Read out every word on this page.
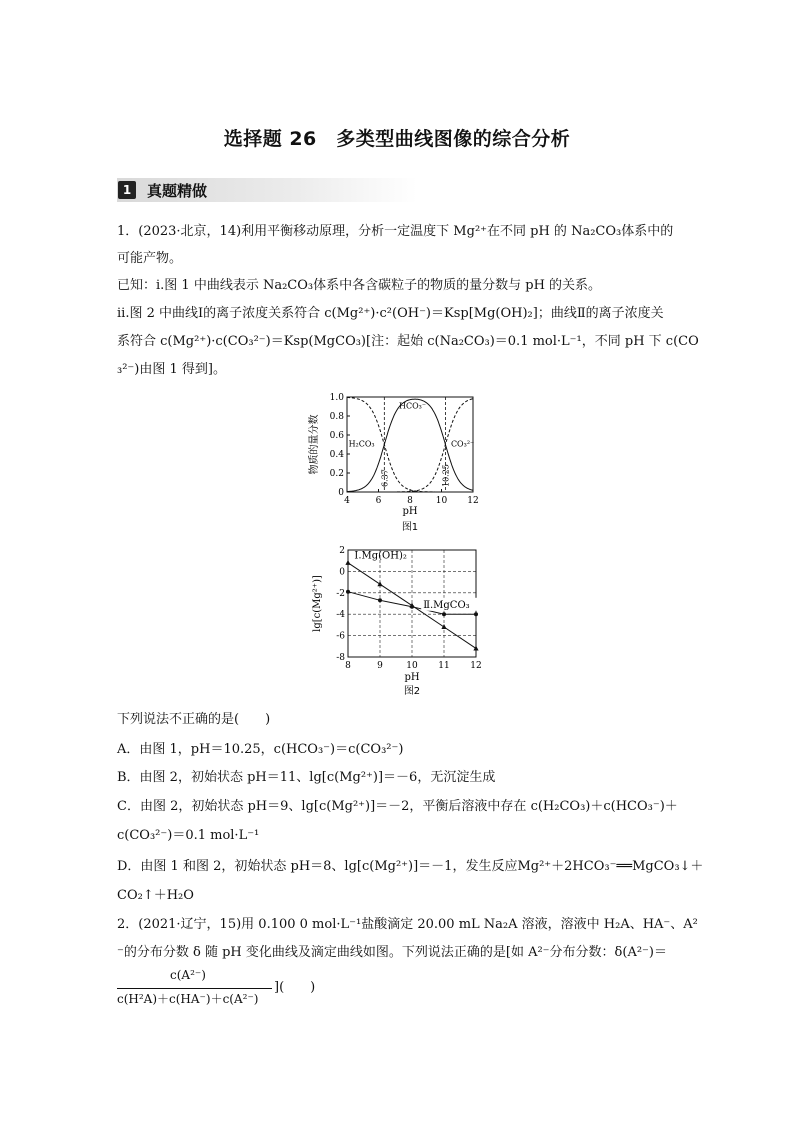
选择题 26　多类型曲线图像的综合分析
1	真题精做
1．(2023·北京，14)利用平衡移动原理，分析一定温度下 Mg²⁺在不同 pH 的 Na₂CO₃体系中的
可能产物。
已知：i.图 1 中曲线表示 Na₂CO₃体系中各含碳粒子的物质的量分数与 pH 的关系。
ii.图 2 中曲线Ⅰ的离子浓度关系符合 c(Mg²⁺)·c²(OH⁻)＝Ksp[Mg(OH)₂]；曲线Ⅱ的离子浓度关
系符合 c(Mg²⁺)·c(CO₃²⁻)＝Ksp(MgCO₃)[注：起始 c(Na₂CO₃)＝0.1 mol·L⁻¹，不同 pH 下 c(CO
₃²⁻)由图 1 得到]。
4	6	8	10 12
0
0.2
0.4
0.6
0.8
1.0
pH
物质的量分数
图1
6.37	10.25
H₂CO₃
HCO₃⁻
CO₃²⁻
8	9	10 11 12
2
0
-2
-4
-6
-8
pH
lg[c(Mg²⁺)]
图2
Ⅰ.Mg(OH)₂
Ⅱ.MgCO₃
下列说法不正确的是(　　)
A．由图 1，pH＝10.25，c(HCO₃⁻)＝c(CO₃²⁻)
B．由图 2，初始状态 pH＝11、lg[c(Mg²⁺)]＝－6，无沉淀生成
C．由图 2，初始状态 pH＝9、lg[c(Mg²⁺)]＝－2，平衡后溶液中存在 c(H₂CO₃)＋c(HCO₃⁻)＋
c(CO₃²⁻)＝0.1 mol·L⁻¹
D．由图 1 和图 2，初始状态 pH＝8、lg[c(Mg²⁺)]＝－1，发生反应Mg²⁺＋2HCO₃⁻══MgCO₃↓＋
CO₂↑＋H₂O
2．(2021·辽宁，15)用 0.100 0 mol·L⁻¹盐酸滴定 20.00 mL Na₂A 溶液，溶液中 H₂A、HA⁻、A²
⁻的分布分数 δ 随 pH 变化曲线及滴定曲线如图。下列说法正确的是[如 A²⁻分布分数：δ(A²⁻)＝
c(A²⁻)
c(H²A)＋c(HA⁻)＋c(A²⁻)
](　　)
